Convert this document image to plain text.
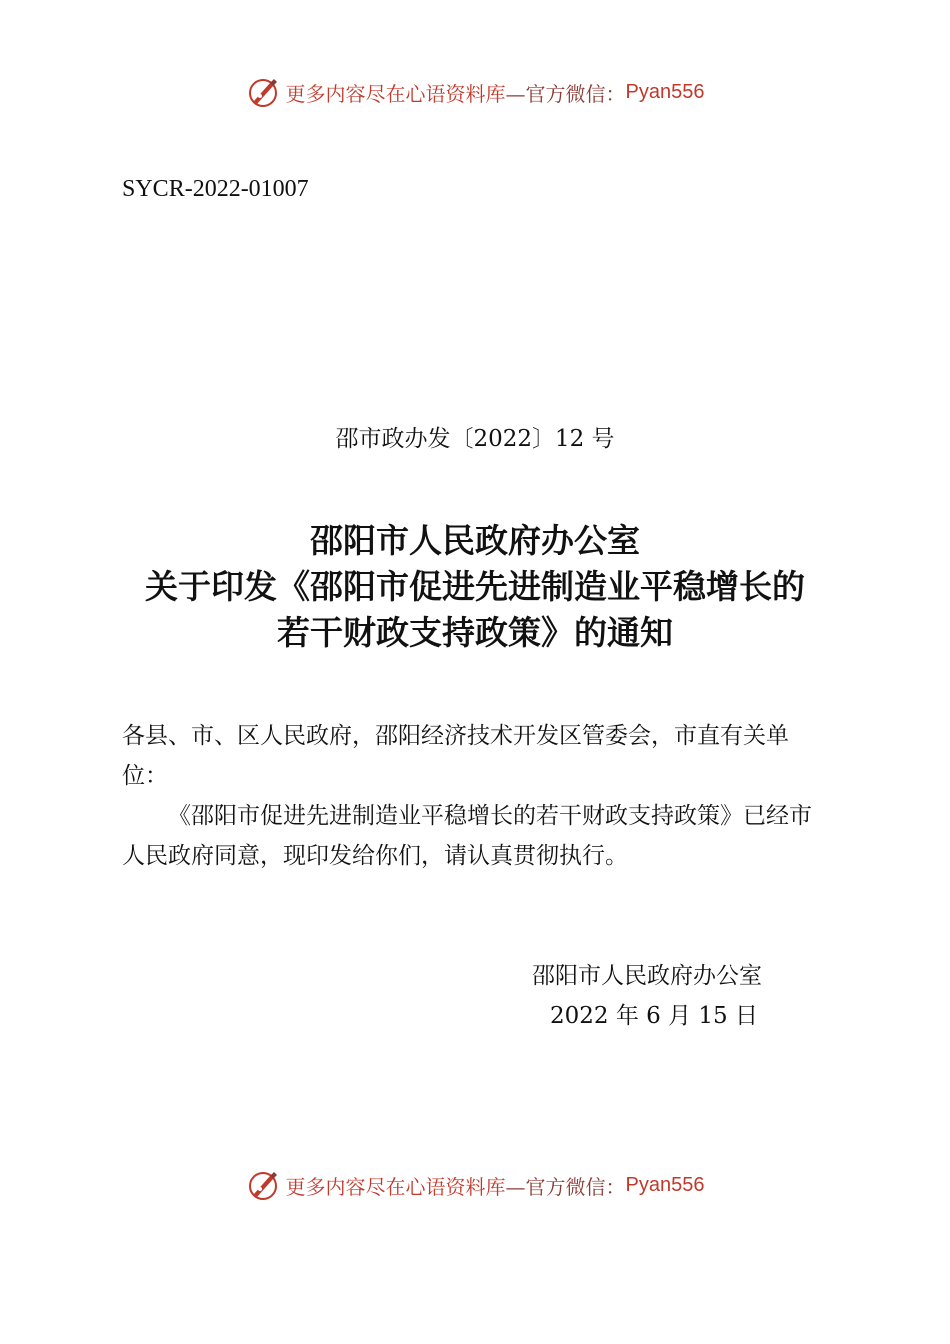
更多内容尽在心语资料库 —官方微信： Pyan556
SYCR-2022-01007
邵市政办发〔2022〕12 号
邵阳市人民政府办公室
关于印发《邵阳市促进先进制造业平稳增长的
若干财政支持政策》的通知
各县、市、区人民政府，邵阳经济技术开发区管委会，市直有关单位：
《邵阳市促进先进制造业平稳增长的若干财政支持政策》已经市人民政府同意，现印发给你们，请认真贯彻执行。
邵阳市人民政府办公室
2022 年 6 月 15 日
更多内容尽在心语资料库 —官方微信： Pyan556
